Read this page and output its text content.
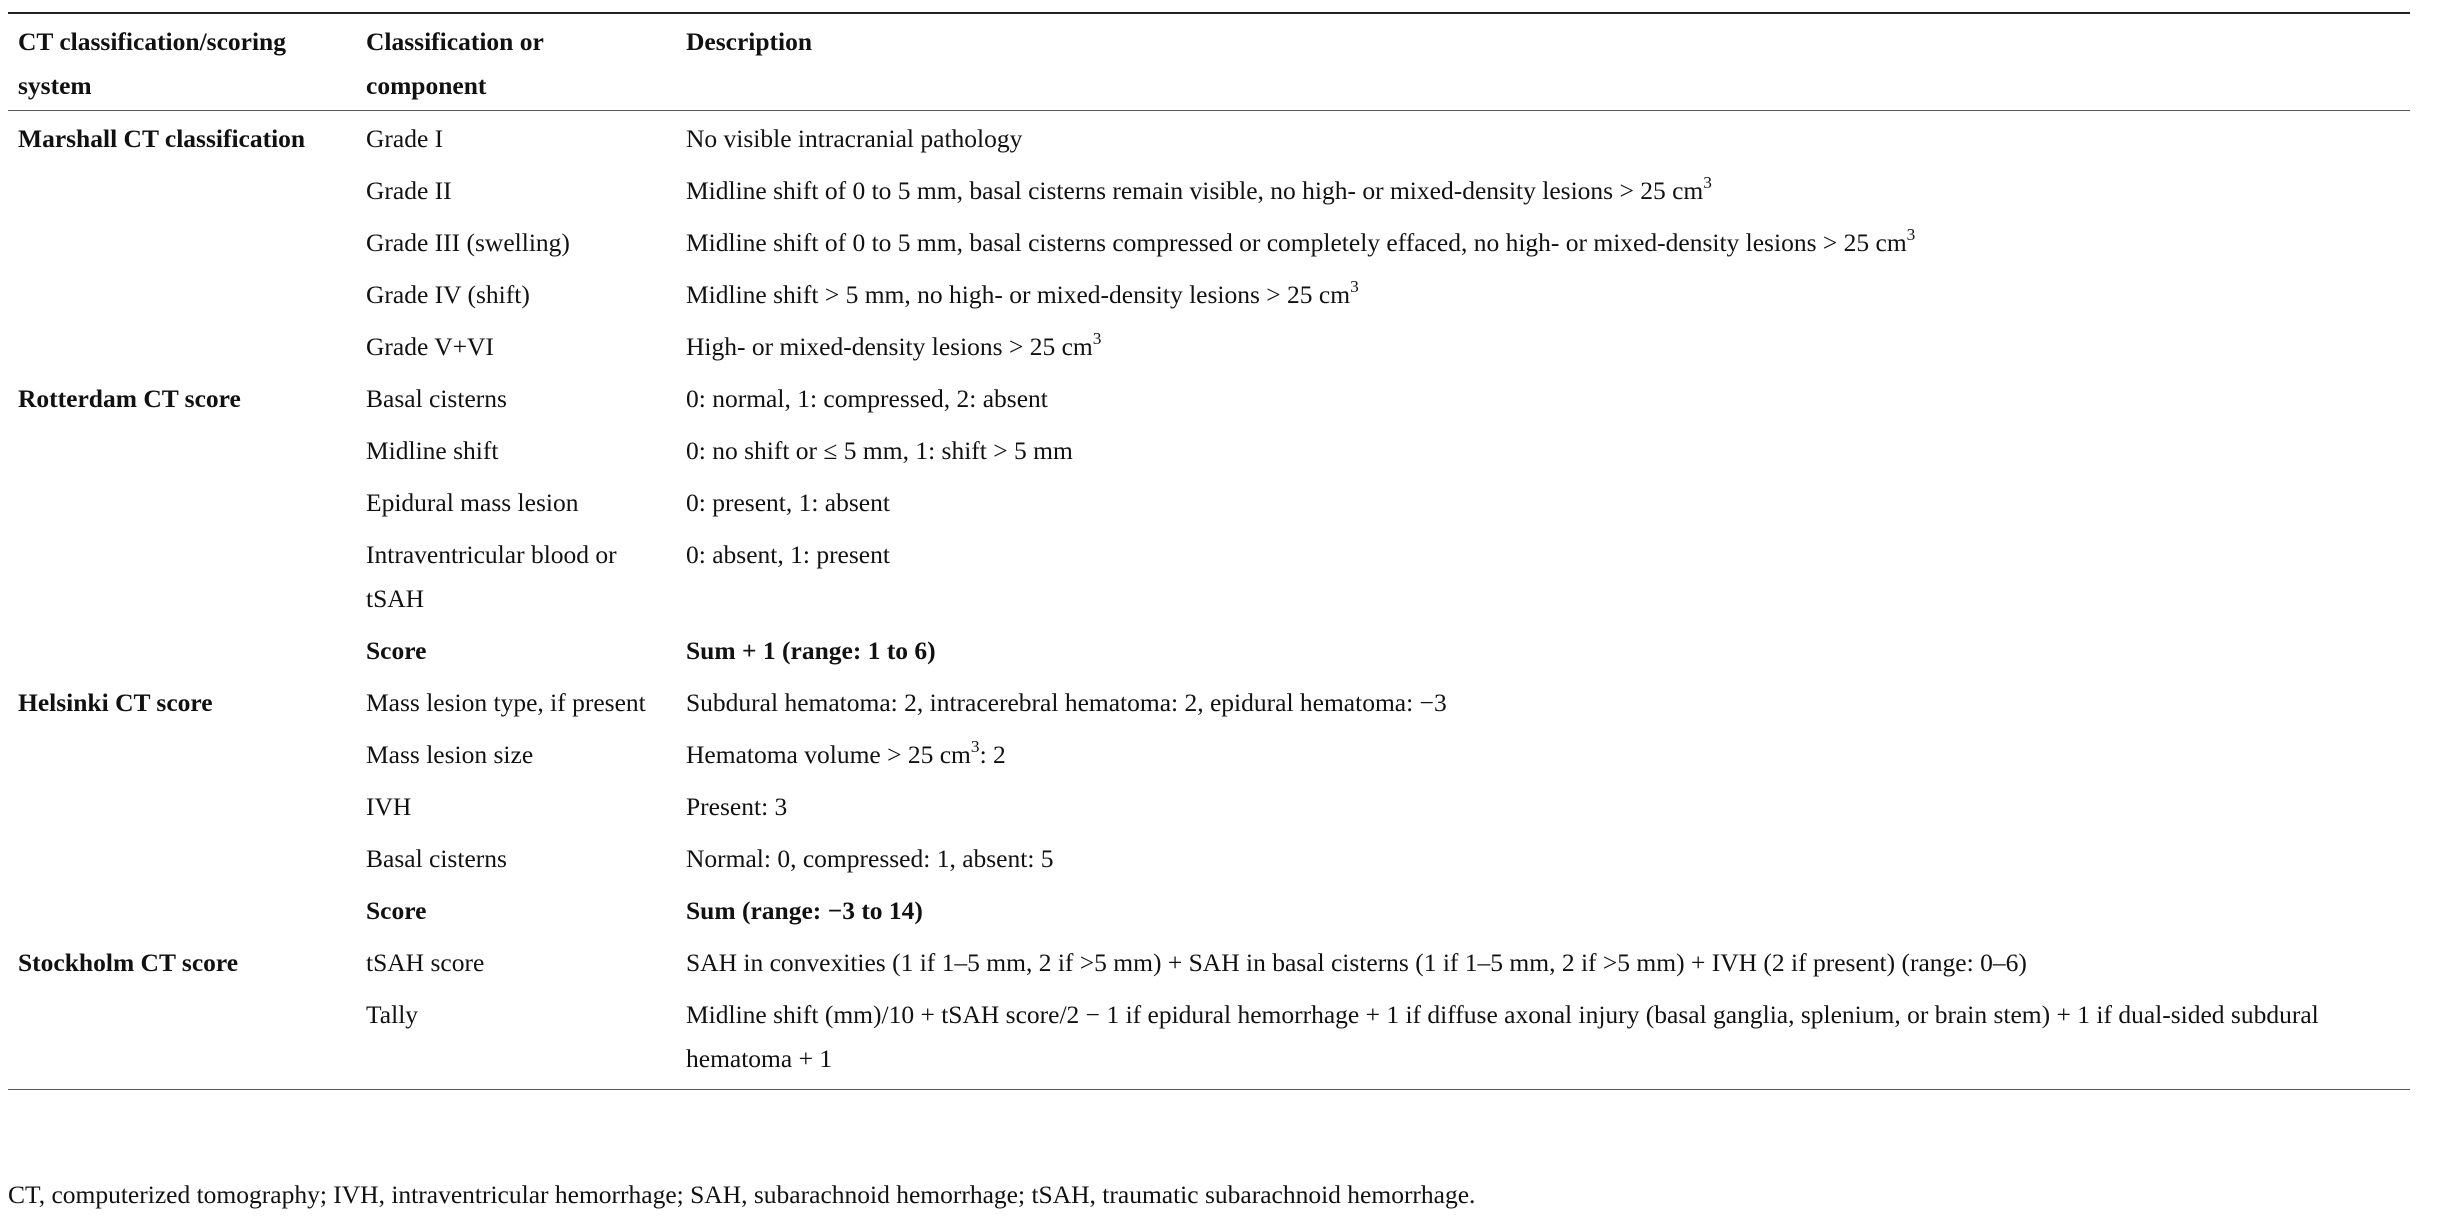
CT classification/scoring system	Classification or component	Description
Marshall CT classification	Grade I	No visible intracranial pathology
	Grade II	Midline shift of 0 to 5 mm, basal cisterns remain visible, no high- or mixed-density lesions > 25 $cm^3$
	Grade III (swelling)	Midline shift of 0 to 5 mm, basal cisterns compressed or completely effaced, no high- or mixed-density lesions > 25 $cm^3$
	Grade IV (shift)	Midline shift > 5 mm, no high- or mixed-density lesions > 25 $cm^3$
	Grade V+VI	High- or mixed-density lesions > 25 $cm^3$
Rotterdam CT score	Basal cisterns	0: normal, 1: compressed, 2: absent
	Midline shift	0: no shift or ≤ 5 mm, 1: shift > 5 mm
	Epidural mass lesion	0: present, 1: absent
	Intraventricular blood or tSAH	0: absent, 1: present
	Score	Sum + 1 (range: 1 to 6)
Helsinki CT score	Mass lesion type, if present	Subdural hematoma: 2, intracerebral hematoma: 2, epidural hematoma: −3
	Mass lesion size	Hematoma volume > 25 $cm^3$: 2
	IVH	Present: 3
	Basal cisterns	Normal: 0, compressed: 1, absent: 5
	Score	Sum (range: −3 to 14)
Stockholm CT score	tSAH score	SAH in convexities (1 if 1–5 mm, 2 if >5 mm) + SAH in basal cisterns (1 if 1–5 mm, 2 if >5 mm) + IVH (2 if present) (range: 0–6)
	Tally	Midline shift (mm)/10 + tSAH score/2 − 1 if epidural hemorrhage + 1 if diffuse axonal injury (basal ganglia, splenium, or brain stem) + 1 if dual-sided subdural hematoma + 1
CT, computerized tomography; IVH, intraventricular hemorrhage; SAH, subarachnoid hemorrhage; tSAH, traumatic subarachnoid hemorrhage.
